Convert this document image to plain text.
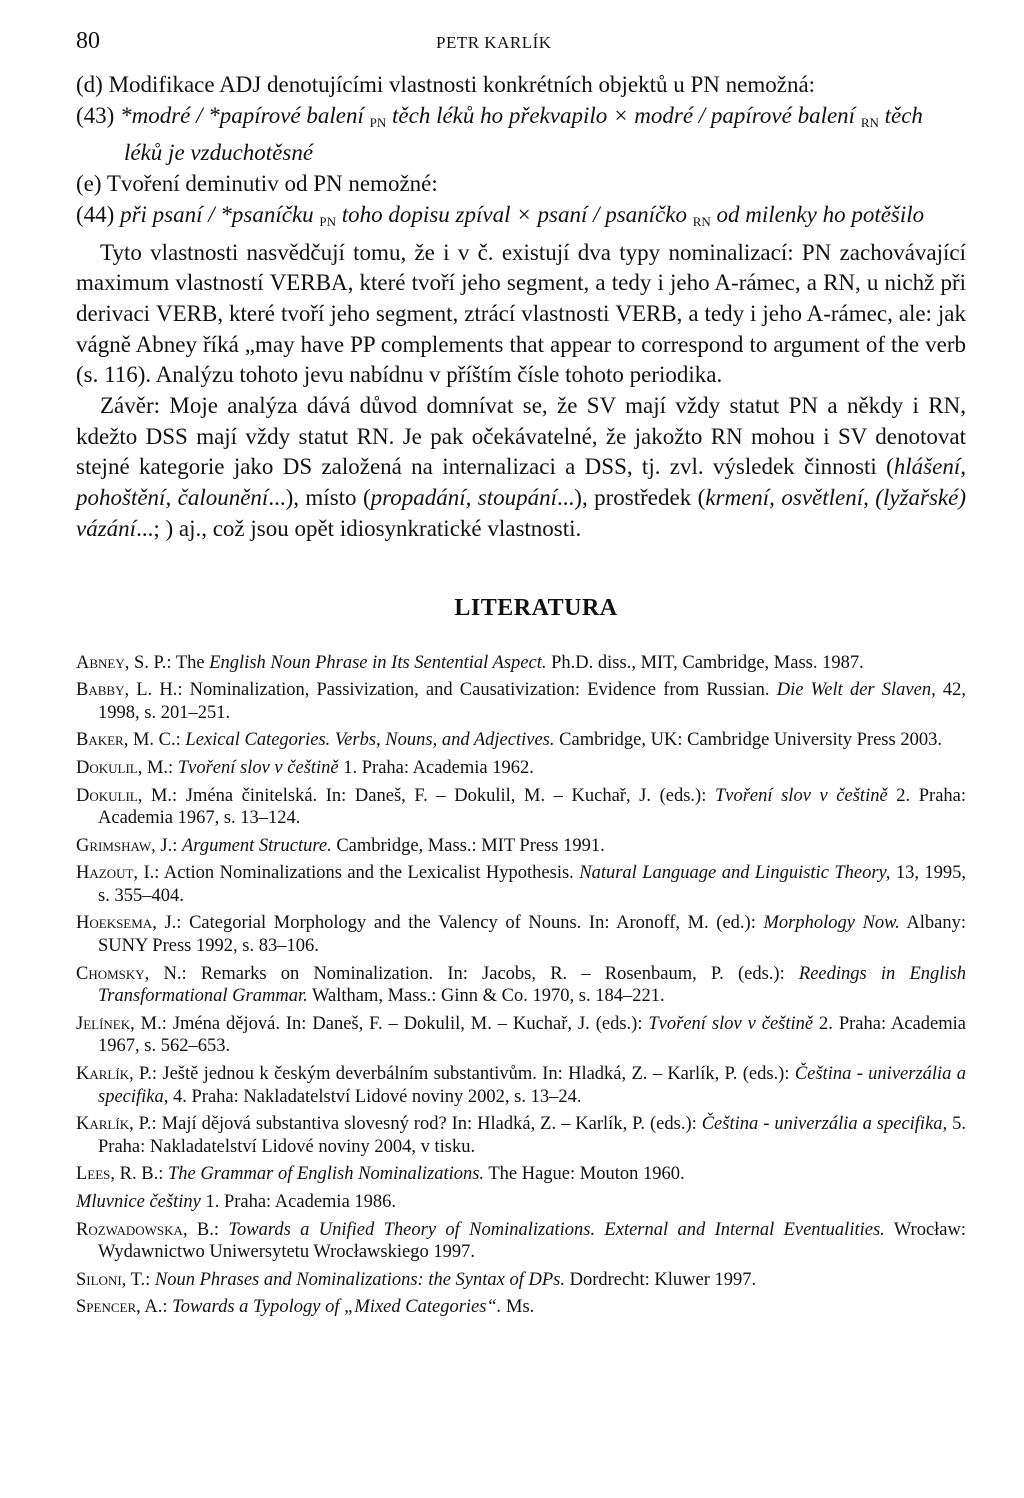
80	PETR KARLÍK

(d) Modifikace ADJ denotujícími vlastnosti konkrétních objektů u PN nemožná:

(43) *modré / *papírové balení $_{PN}$ těch léků ho překvapilo × modré / papírové balení $_{RN}$ těch léků je vzduchotěsné

(e) Tvoření deminutiv od PN nemožné:

(44) při psaní / *psaníčku $_{PN}$ toho dopisu zpíval × psaní / psaníčko $_{RN}$ od milenky ho potěšilo

Tyto vlastnosti nasvědčují tomu, že i v č. existují dva typy nominalizací: PN zachovávající maximum vlastností VERBA, které tvoří jeho segment, a tedy i jeho A-rámec, a RN, u nichž při derivaci VERB, které tvoří jeho segment, ztrácí vlastnosti VERB, a tedy i jeho A-rámec, ale: jak vágně Abney říká „may have PP complements that appear to correspond to argument of the verb (s. 116). Analýzu tohoto jevu nabídnu v příštím čísle tohoto periodika.

Závěr: Moje analýza dává důvod domnívat se, že SV mají vždy statut PN a někdy i RN, kdežto DSS mají vždy statut RN. Je pak očekávatelné, že jakožto RN mohou i SV denotovat stejné kategorie jako DS založená na internalizaci a DSS, tj. zvl. výsledek činnosti (hlášení, pohoštění, čalounění...), místo (propadání, stoupání...), prostředek (krmení, osvětlení, (lyžařské) vázání...; ) aj., což jsou opět idiosynkratické vlastnosti.

LITERATURA

Abney, S. P.: The English Noun Phrase in Its Sentential Aspect. Ph.D. diss., MIT, Cambridge, Mass. 1987.

Babby, L. H.: Nominalization, Passivization, and Causativization: Evidence from Russian. Die Welt der Slaven, 42, 1998, s. 201–251.

Baker, M. C.: Lexical Categories. Verbs, Nouns, and Adjectives. Cambridge, UK: Cambridge University Press 2003.

Dokulil, M.: Tvoření slov v češtině 1. Praha: Academia 1962.

Dokulil, M.: Jména činitelská. In: Daneš, F. – Dokulil, M. – Kuchař, J. (eds.): Tvoření slov v češtině 2. Praha: Academia 1967, s. 13–124.

Grimshaw, J.: Argument Structure. Cambridge, Mass.: MIT Press 1991.

Hazout, I.: Action Nominalizations and the Lexicalist Hypothesis. Natural Language and Linguistic Theory, 13, 1995, s. 355–404.

Hoeksema, J.: Categorial Morphology and the Valency of Nouns. In: Aronoff, M. (ed.): Morphology Now. Albany: SUNY Press 1992, s. 83–106.

Chomsky, N.: Remarks on Nominalization. In: Jacobs, R. – Rosenbaum, P. (eds.): Reedings in English Transformational Grammar. Waltham, Mass.: Ginn & Co. 1970, s. 184–221.

Jelínek, M.: Jména dějová. In: Daneš, F. – Dokulil, M. – Kuchař, J. (eds.): Tvoření slov v češtině 2. Praha: Academia 1967, s. 562–653.

Karlík, P.: Ještě jednou k českým deverbálním substantivům. In: Hladká, Z. – Karlík, P. (eds.): Čeština - univerzália a specifika, 4. Praha: Nakladatelství Lidové noviny 2002, s. 13–24.

Karlík, P.: Mají dějová substantiva slovesný rod? In: Hladká, Z. – Karlík, P. (eds.): Čeština - univerzália a specifika, 5. Praha: Nakladatelství Lidové noviny 2004, v tisku.

Lees, R. B.: The Grammar of English Nominalizations. The Hague: Mouton 1960.

Mluvnice češtiny 1. Praha: Academia 1986.

Rozwadowska, B.: Towards a Unified Theory of Nominalizations. External and Internal Eventualities. Wrocław: Wydawnictwo Uniwersytetu Wrocławskiego 1997.

Siloni, T.: Noun Phrases and Nominalizations: the Syntax of DPs. Dordrecht: Kluwer 1997.

Spencer, A.: Towards a Typology of „Mixed Categories“. Ms.
